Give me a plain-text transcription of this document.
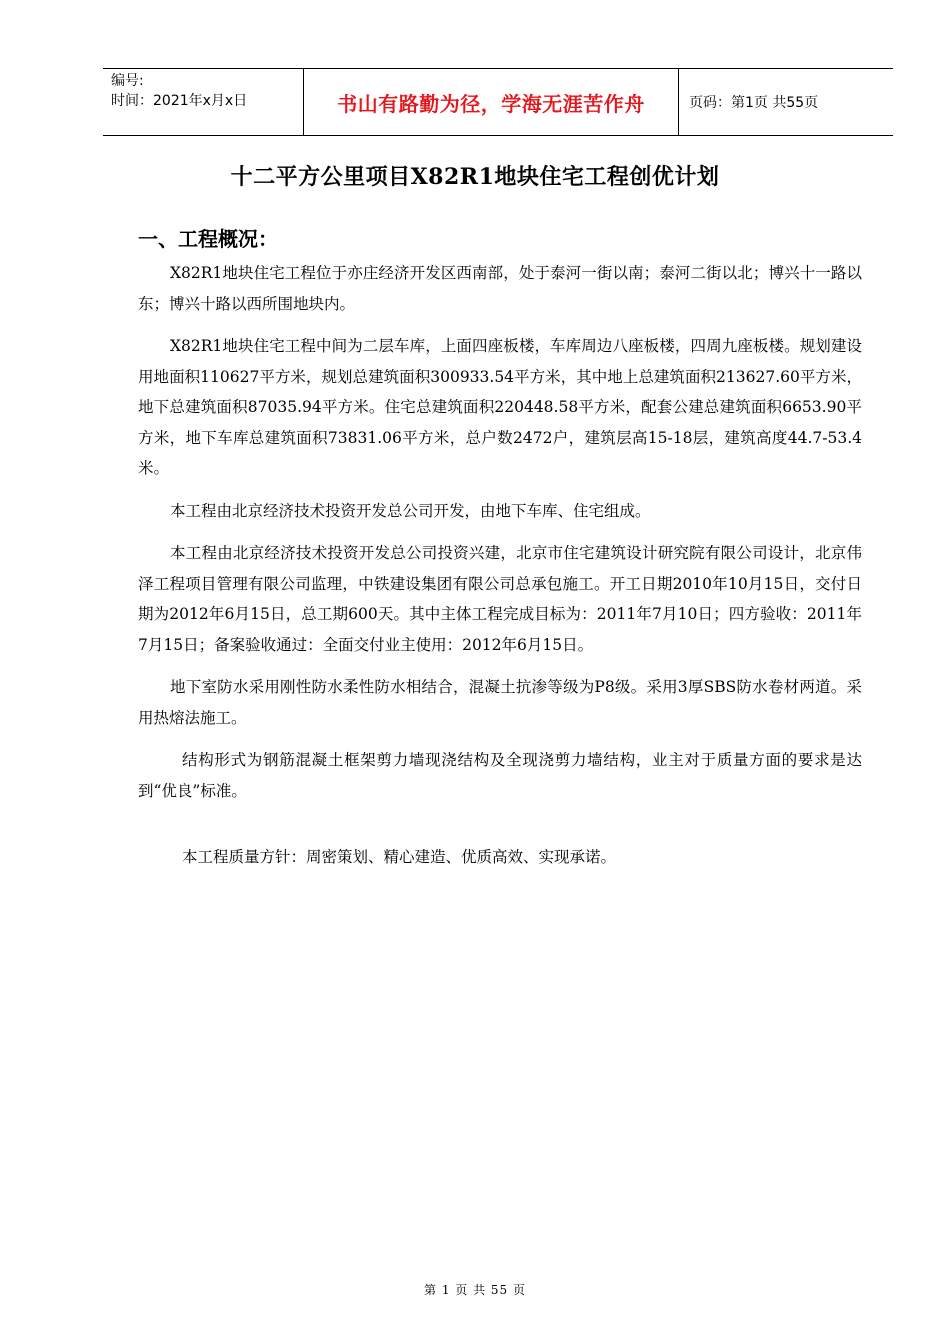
编号:
时间：2021年x月x日	书山有路勤为径，学海无涯苦作舟	页码：第1页 共55页
十二平方公里项目X82R1地块住宅工程创优计划
一、工程概况：

X82R1地块住宅工程位于亦庄经济开发区西南部，处于泰河一街以南；泰河二街以北；博兴十一路以东；博兴十路以西所围地块内。

X82R1地块住宅工程中间为二层车库，上面四座板楼，车库周边八座板楼，四周九座板楼。规划建设用地面积110627平方米，规划总建筑面积300933.54平方米，其中地上总建筑面积213627.60平方米，地下总建筑面积87035.94平方米。住宅总建筑面积220448.58平方米，配套公建总建筑面积6653.90平方米，地下车库总建筑面积73831.06平方米，总户数2472户，建筑层高15-18层，建筑高度44.7-53.4米。

本工程由北京经济技术投资开发总公司开发，由地下车库、住宅组成。

本工程由北京经济技术投资开发总公司投资兴建，北京市住宅建筑设计研究院有限公司设计，北京伟泽工程项目管理有限公司监理，中铁建设集团有限公司总承包施工。开工日期2010年10月15日，交付日期为2012年6月15日，总工期600天。其中主体工程完成目标为：2011年7月10日；四方验收：2011年7月15日；备案验收通过：全面交付业主使用：2012年6月15日。

地下室防水采用刚性防水柔性防水相结合，混凝土抗渗等级为P8级。采用3厚SBS防水卷材两道。采用热熔法施工。

结构形式为钢筋混凝土框架剪力墙现浇结构及全现浇剪力墙结构，业主对于质量方面的要求是达到“优良”标准。

本工程质量方针：周密策划、精心建造、优质高效、实现承诺。

第 1 页 共 55 页
